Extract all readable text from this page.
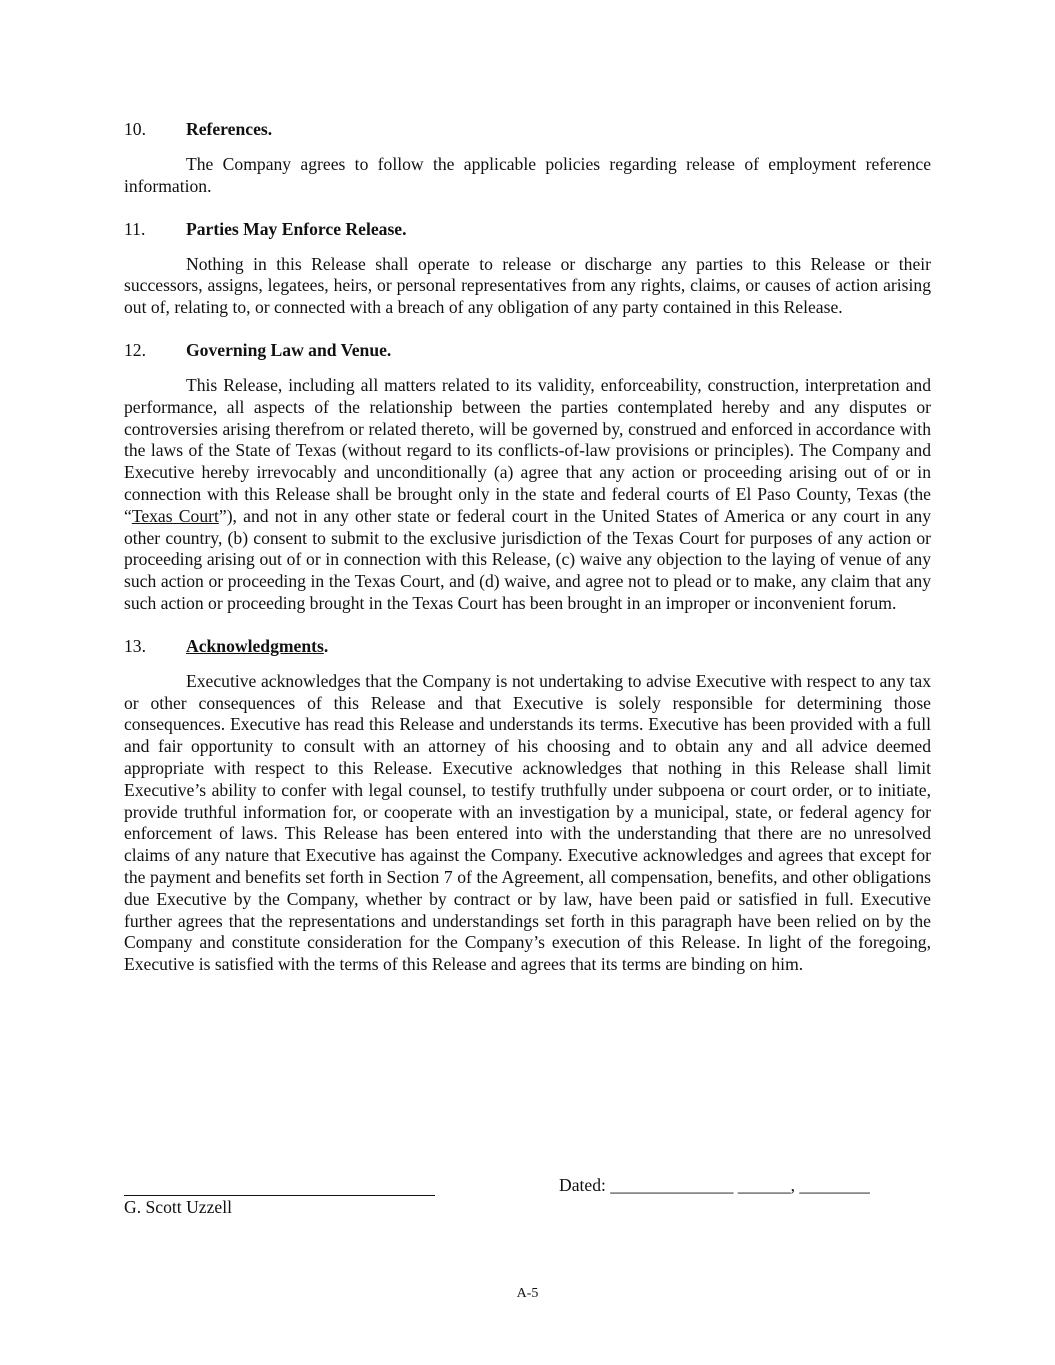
10.	References.

The Company agrees to follow the applicable policies regarding release of employment reference information.

11.	Parties May Enforce Release.

Nothing in this Release shall operate to release or discharge any parties to this Release or their successors, assigns, legatees, heirs, or personal representatives from any rights, claims, or causes of action arising out of, relating to, or connected with a breach of any obligation of any party contained in this Release.

12.	Governing Law and Venue.

This Release, including all matters related to its validity, enforceability, construction, interpretation and performance, all aspects of the relationship between the parties contemplated hereby and any disputes or controversies arising therefrom or related thereto, will be governed by, construed and enforced in accordance with the laws of the State of Texas (without regard to its conflicts-of-law provisions or principles). The Company and Executive hereby irrevocably and unconditionally (a) agree that any action or proceeding arising out of or in connection with this Release shall be brought only in the state and federal courts of El Paso County, Texas (the “Texas Court”), and not in any other state or federal court in the United States of America or any court in any other country, (b) consent to submit to the exclusive jurisdiction of the Texas Court for purposes of any action or proceeding arising out of or in connection with this Release, (c) waive any objection to the laying of venue of any such action or proceeding in the Texas Court, and (d) waive, and agree not to plead or to make, any claim that any such action or proceeding brought in the Texas Court has been brought in an improper or inconvenient forum.

13.	Acknowledgments.

Executive acknowledges that the Company is not undertaking to advise Executive with respect to any tax or other consequences of this Release and that Executive is solely responsible for determining those consequences. Executive has read this Release and understands its terms. Executive has been provided with a full and fair opportunity to consult with an attorney of his choosing and to obtain any and all advice deemed appropriate with respect to this Release. Executive acknowledges that nothing in this Release shall limit Executive’s ability to confer with legal counsel, to testify truthfully under subpoena or court order, or to initiate, provide truthful information for, or cooperate with an investigation by a municipal, state, or federal agency for enforcement of laws. This Release has been entered into with the understanding that there are no unresolved claims of any nature that Executive has against the Company. Executive acknowledges and agrees that except for the payment and benefits set forth in Section 7 of the Agreement, all compensation, benefits, and other obligations due Executive by the Company, whether by contract or by law, have been paid or satisfied in full. Executive further agrees that the representations and understandings set forth in this paragraph have been relied on by the Company and constitute consideration for the Company’s execution of this Release. In light of the foregoing, Executive is satisfied with the terms of this Release and agrees that its terms are binding on him.

G. Scott Uzzell
Dated: ______________ ______, ________
A-5
